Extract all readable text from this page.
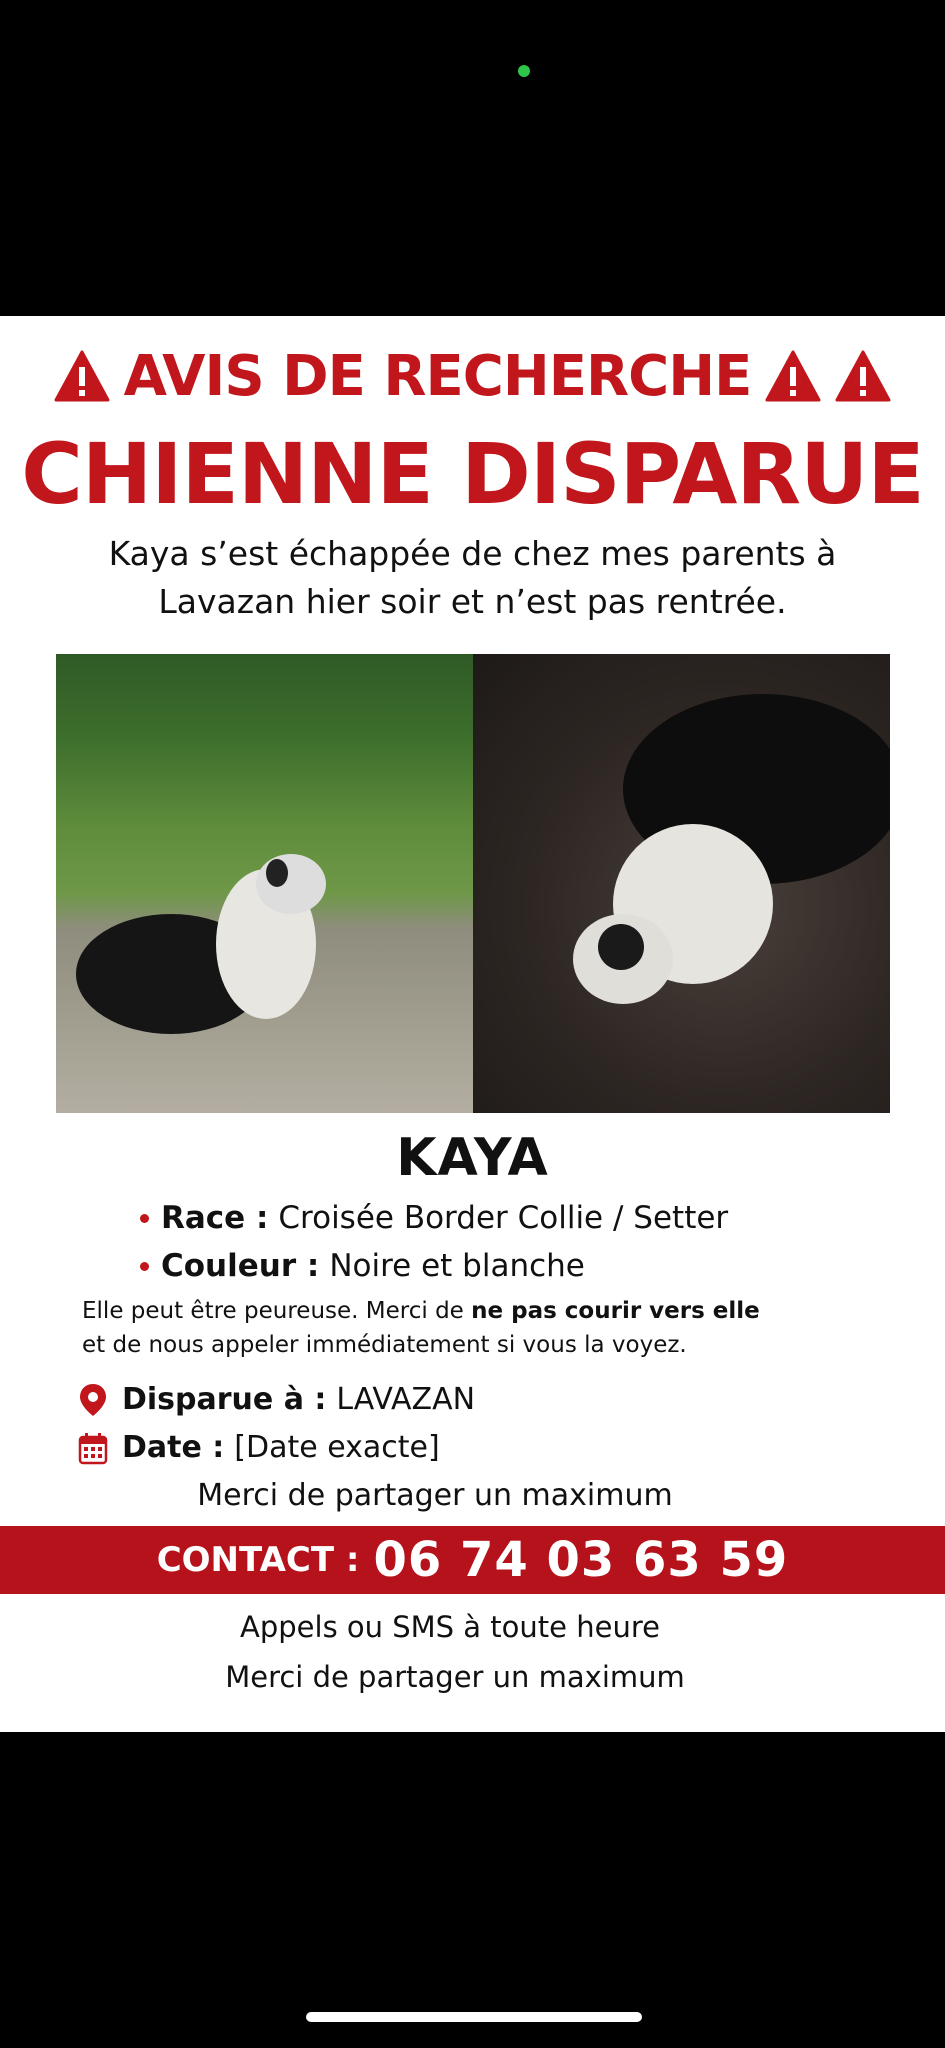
AVIS DE RECHERCHE
CHIENNE DISPARUE
Kaya s’est échappée de chez mes parents à
Lavazan hier soir et n’est pas rentrée.
KAYA
Race : Croisée Border Collie / Setter
Couleur : Noire et blanche
Elle peut être peureuse. Merci de ne pas courir vers elle
et de nous appeler immédiatement si vous la voyez.
Disparue à : LAVAZAN
Date : [Date exacte]
Merci de partager un maximum
CONTACT : 06 74 03 63 59
Appels ou SMS à toute heure
Merci de partager un maximum
